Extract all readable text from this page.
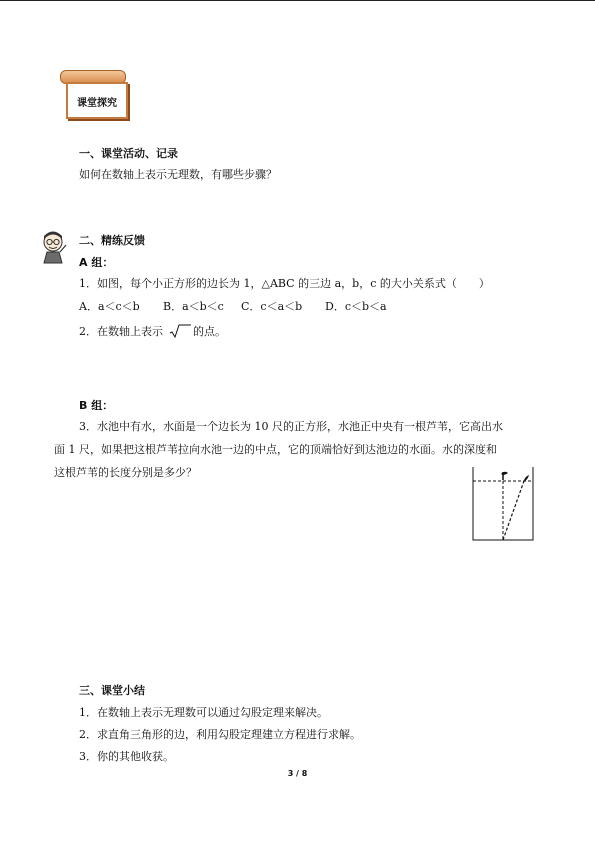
课堂探究
一、课堂活动、记录
如何在数轴上表示无理数，有哪些步骤？
二、精练反馈
A 组：
1．如图，每个小正方形的边长为 1，△ABC 的三边 a，b，c 的大小关系式（　　）
A．a＜c＜b B．a＜b＜c C．c＜a＜b D．c＜b＜a
2．在数轴上表示	的点。
B 组：
3．水池中有水，水面是一个边长为 10 尺的正方形，水池正中央有一根芦苇，它高出水
面 1 尺，如果把这根芦苇拉向水池一边的中点，它的顶端恰好到达池边的水面。水的深度和
这根芦苇的长度分别是多少？
三、课堂小结
1．在数轴上表示无理数可以通过勾股定理来解决。
2．求直角三角形的边，利用勾股定理建立方程进行求解。
3．你的其他收获。
3 / 8
